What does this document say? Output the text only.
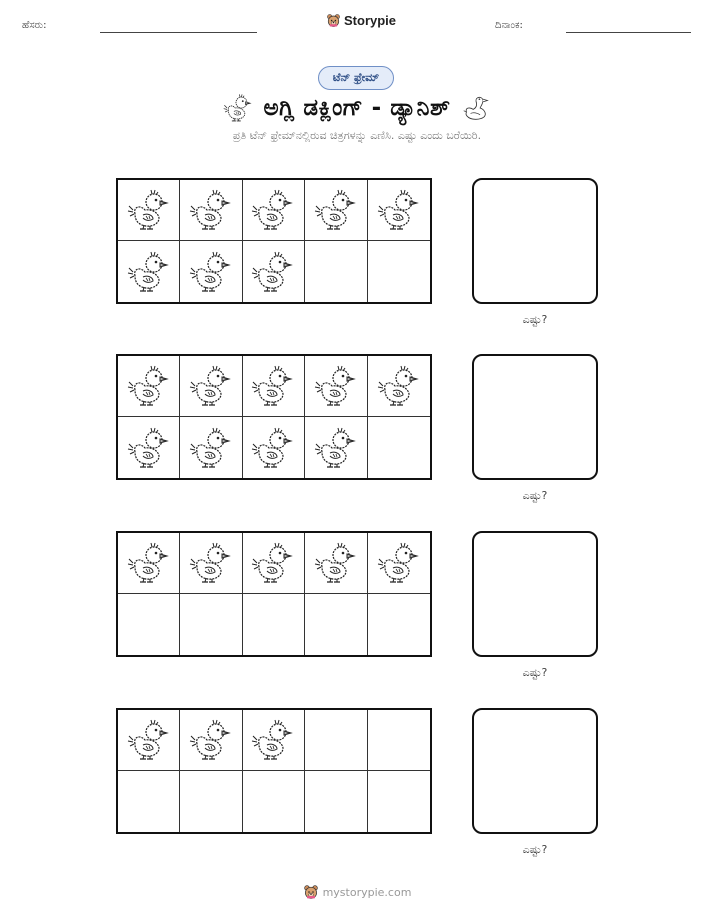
ಹೆಸರು:	Storypie	ದಿನಾಂಕ:
ಟೆನ್ ಫ್ರೇಮ್
ಅಗ್ಲಿ ಡಕ್ಲಿಂಗ್ - ಡ್ಯಾನಿಶ್
ಪ್ರತಿ ಟೆನ್ ಫ್ರೇಮ್‌ನಲ್ಲಿರುವ ಚಿತ್ರಗಳನ್ನು ಎಣಿಸಿ. ಎಷ್ಟು ಎಂದು ಬರೆಯಿರಿ.
ಎಷ್ಟು?
ಎಷ್ಟು?
ಎಷ್ಟು?
ಎಷ್ಟು?
mystorypie.com
